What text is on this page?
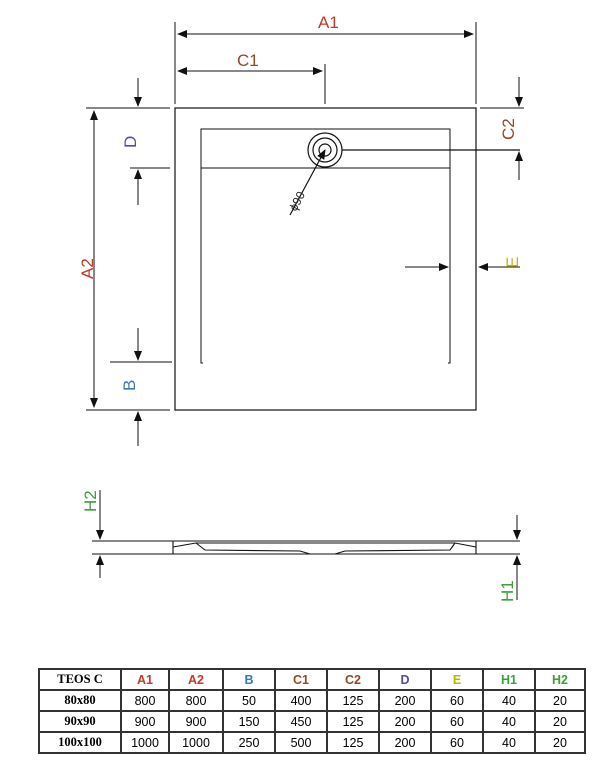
ϕ90
A1
C1
A2
D
B
C2
E
H2
H1
TEOS C	A1	A2	B	C1	C2	D	E	H1	H2
80x80	800	800	50	400	125	200	60	40	20
90x90	900	900	150	450	125	200	60	40	20
100x100	1000	1000	250	500	125	200	60	40	20
